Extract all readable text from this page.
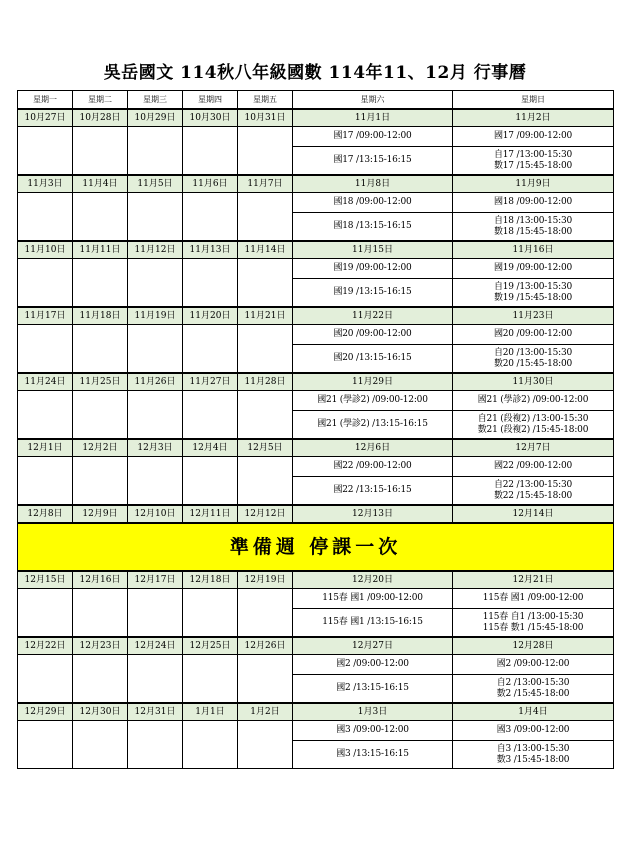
吳岳國文 114秋八年級國數 114年11、12月 行事曆
星期一	星期二	星期三	星期四	星期五	星期六	星期日
10月27日	10月28日	10月29日	10月30日	10月31日	11月1日	11月2日
					國17 /09:00-12:00	國17 /09:00-12:00
					國17 /13:15-16:15	自17 /13:00-15:30
數17 /15:45-18:00

11月3日	11月4日	11月5日	11月6日	11月7日	11月8日	11月9日
					國18 /09:00-12:00	國18 /09:00-12:00
					國18 /13:15-16:15	自18 /13:00-15:30
數18 /15:45-18:00

11月10日	11月11日	11月12日	11月13日	11月14日	11月15日	11月16日
					國19 /09:00-12:00	國19 /09:00-12:00
					國19 /13:15-16:15	自19 /13:00-15:30
數19 /15:45-18:00

11月17日	11月18日	11月19日	11月20日	11月21日	11月22日	11月23日
					國20 /09:00-12:00	國20 /09:00-12:00
					國20 /13:15-16:15	自20 /13:00-15:30
數20 /15:45-18:00

11月24日	11月25日	11月26日	11月27日	11月28日	11月29日	11月30日
					國21 (學診2) /09:00-12:00	國21 (學診2) /09:00-12:00
					國21 (學診2) /13:15-16:15	自21 (段複2) /13:00-15:30
數21 (段複2) /15:45-18:00

12月1日	12月2日	12月3日	12月4日	12月5日	12月6日	12月7日
					國22 /09:00-12:00	國22 /09:00-12:00
					國22 /13:15-16:15	自22 /13:00-15:30
數22 /15:45-18:00

12月8日	12月9日	12月10日	12月11日	12月12日	12月13日	12月14日
準備週 停課一次						
12月15日	12月16日	12月17日	12月18日	12月19日	12月20日	12月21日
					115春 國1 /09:00-12:00	115春 國1 /09:00-12:00
					115春 國1 /13:15-16:15	115春 自1 /13:00-15:30
115春 數1 /15:45-18:00

12月22日	12月23日	12月24日	12月25日	12月26日	12月27日	12月28日
					國2 /09:00-12:00	國2 /09:00-12:00
					國2 /13:15-16:15	自2 /13:00-15:30
數2 /15:45-18:00

12月29日	12月30日	12月31日	1月1日	1月2日	1月3日	1月4日
					國3 /09:00-12:00	國3 /09:00-12:00
					國3 /13:15-16:15	自3 /13:00-15:30
數3 /15:45-18:00
